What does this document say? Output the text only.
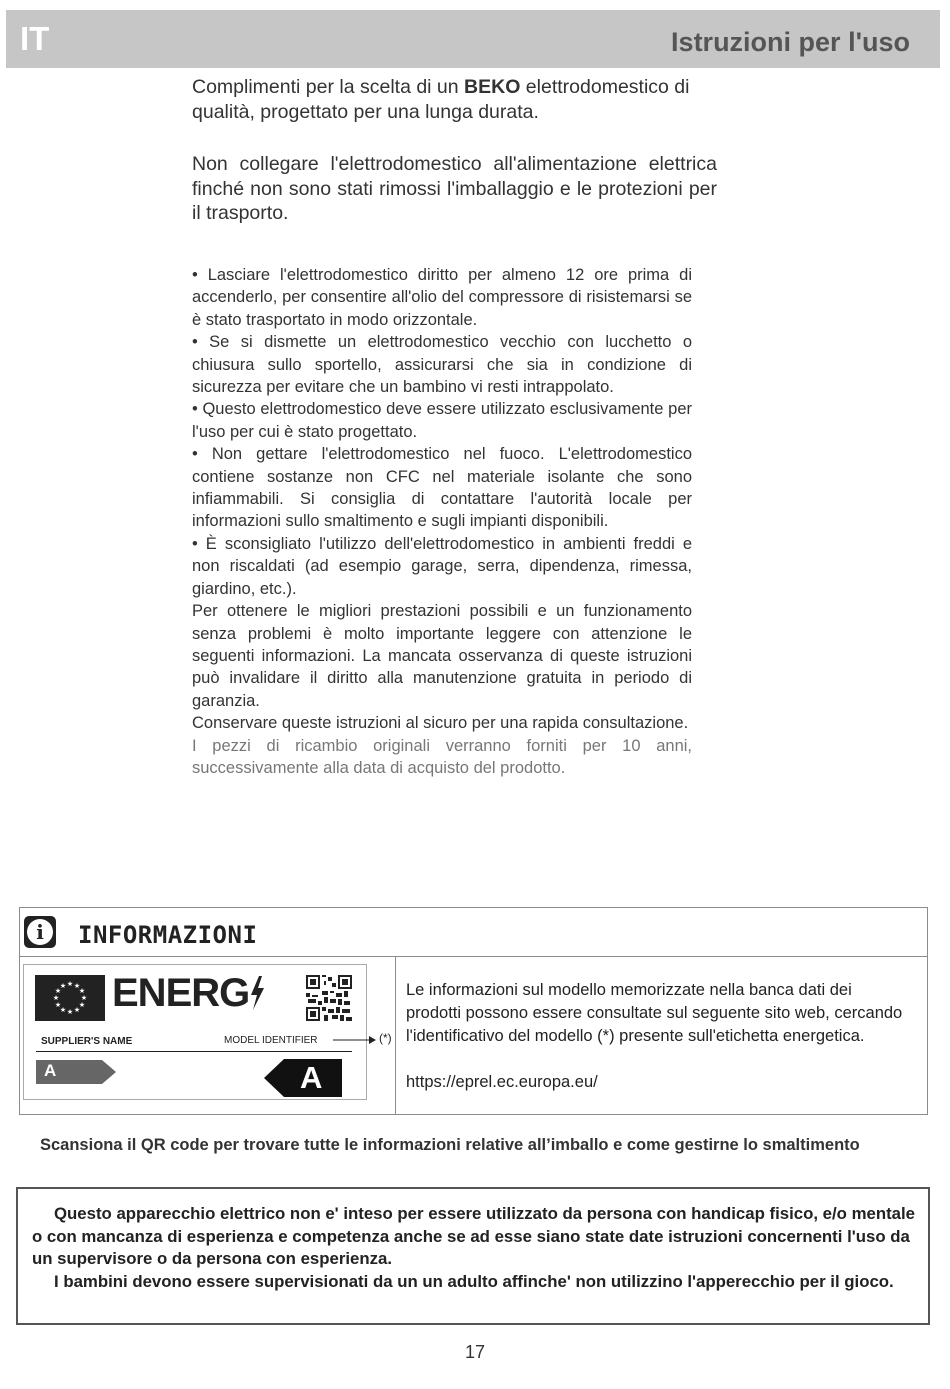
IT	Istruzioni per l'uso

Complimenti per la scelta di un BEKO elettrodomestico di qualità, progettato per una lunga durata.

Non collegare l'elettrodomestico all'alimentazione elettrica finché non sono stati rimossi l'imballaggio e le protezioni per il trasporto.

• Lasciare l'elettrodomestico diritto per almeno 12 ore prima di accenderlo, per consentire all'olio del compressore di risistemarsi se è stato trasportato in modo orizzontale.

• Se si dismette un elettrodomestico vecchio con lucchetto o chiusura sullo sportello, assicurarsi che sia in condizione di sicurezza per evitare che un bambino vi resti intrappolato.

• Questo elettrodomestico deve essere utilizzato esclusivamente per l'uso per cui è stato progettato.

• Non gettare l'elettrodomestico nel fuoco. L'elettrodomestico contiene sostanze non CFC nel materiale isolante che sono infiammabili. Si consiglia di contattare l'autorità locale per informazioni sullo smaltimento e sugli impianti disponibili.

• È sconsigliato l'utilizzo dell'elettrodomestico in ambienti freddi e non riscaldati (ad esempio garage, serra, dipendenza, rimessa, giardino, etc.).

Per ottenere le migliori prestazioni possibili e un funzionamento senza problemi è molto importante leggere con attenzione le seguenti informazioni. La mancata osservanza di queste istruzioni può invalidare il diritto alla manutenzione gratuita in periodo di garanzia.

Conservare queste istruzioni al sicuro per una rapida consultazione.

I pezzi di ricambio originali verranno forniti per 10 anni, successivamente alla data di acquisto del prodotto.

i	INFORMAZIONI
★ ★
★
★
★
★
★
★
★
★
★
★ ENERG
SUPPLIER'S NAME	MODEL IDENTIFIER
A	A
(*)

Le informazioni sul modello memorizzate nella banca dati dei prodotti possono essere consultate sul seguente sito web, cercando l'identificativo del modello (*) presente sull'etichetta energetica.

https://eprel.ec.europa.eu/

Scansiona il QR code per trovare tutte le informazioni relative all’imballo e come gestirne lo smaltimento

Questo apparecchio elettrico non e' inteso per essere utilizzato da persona con handicap fisico, e/o mentale o con mancanza di esperienza e competenza anche se ad esse siano state date istruzioni concernenti l'uso da un supervisore o da persona con esperienza.

I bambini devono essere supervisionati da un un adulto affinche' non utilizzino l'apperecchio per il gioco.

17
